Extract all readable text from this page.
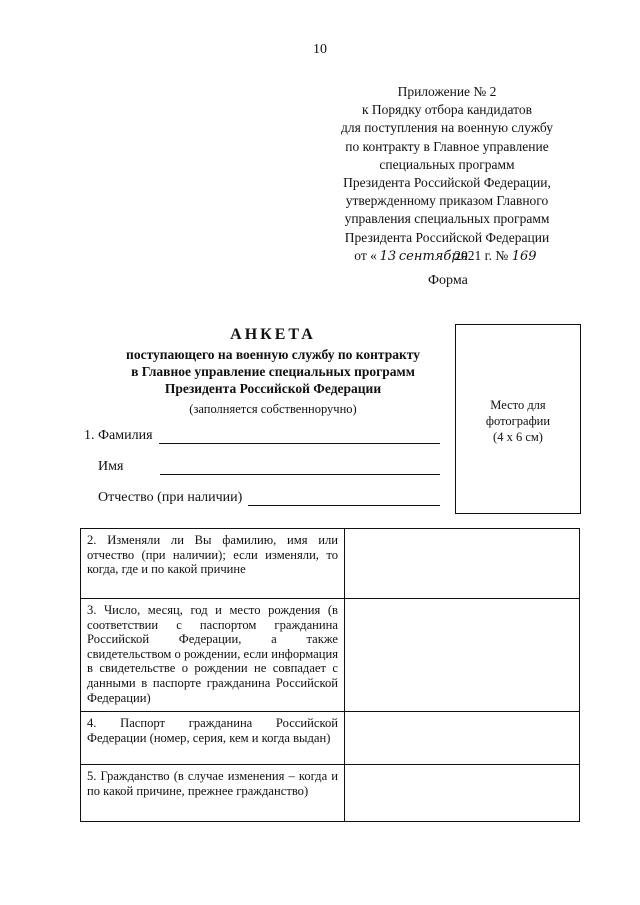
10
Приложение № 2
к Порядку отбора кандидатов
для поступления на военную службу
по контракту в Главное управление
специальных программ
Президента Российской Федерации,
утвержденному приказом Главного
управления специальных программ
Президента Российской Федерации
от « 13 сентября 2021 г. № 169
Форма
АНКЕТА
поступающего на военную службу по контракту
в Главное управление специальных программ
Президента Российской Федерации
(заполняется собственноручно)	Место для
фотографии
(4 х 6 см)
1. Фамилия
Имя
Отчество (при наличии)
2. Изменяли ли Вы фамилию, имя или отчество (при наличии); если изменяли, то когда, где и по какой причине	
3. Число, месяц, год и место рождения (в соответствии с паспортом гражданина Российской Федерации, а также свидетельством о рождении, если информация в свидетельстве о рождении не совпадает с данными в паспорте гражданина Российской Федерации)	
4. Паспорт гражданина Российской Федерации (номер, серия, кем и когда выдан)	
5. Гражданство (в случае изменения – когда и по какой причине, прежнее гражданство)	
